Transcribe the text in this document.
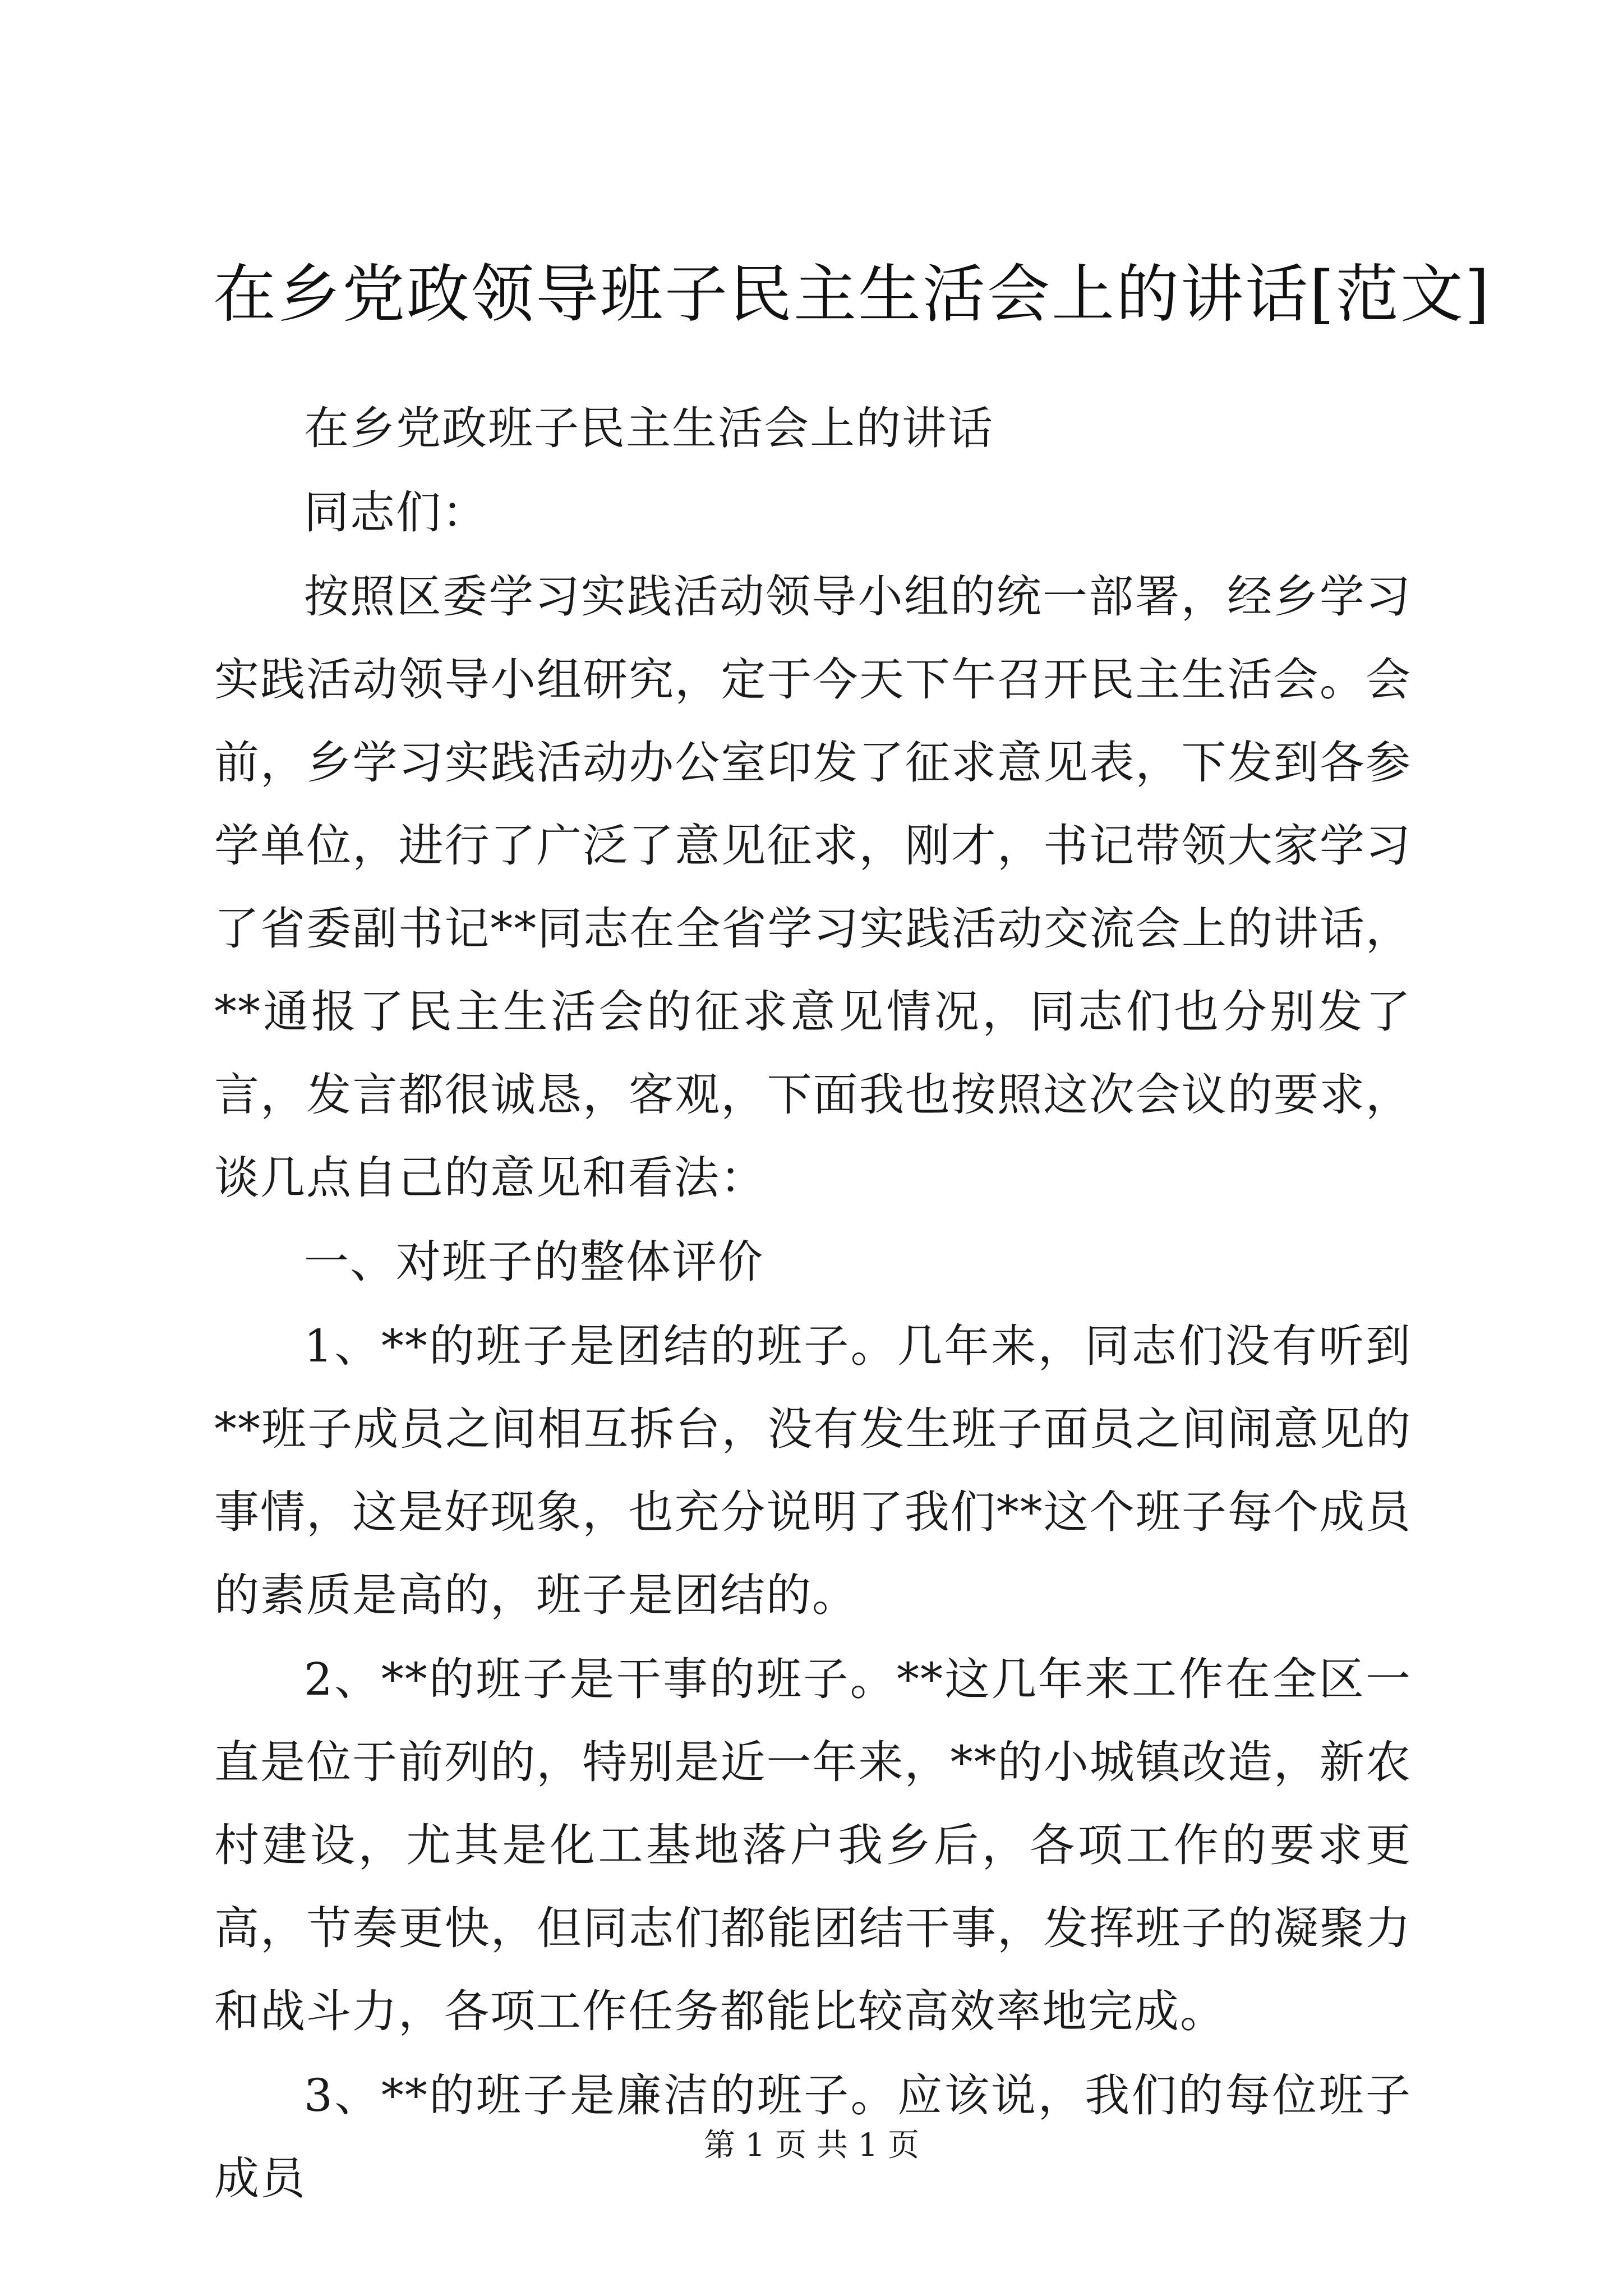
在乡党政领导班子民主生活会上的讲话[范文]

在乡党政班子民主生活会上的讲话

同志们：

按照区委学习实践活动领导小组的统一部署，经乡学习实践活动领导小组研究，定于今天下午召开民主生活会。会前，乡学习实践活动办公室印发了征求意见表，下发到各参学单位，进行了广泛了意见征求，刚才，书记带领大家学习了省委副书记**同志在全省学习实践活动交流会上的讲话，**通报了民主生活会的征求意见情况，同志们也分别发了言，发言都很诚恳，客观，下面我也按照这次会议的要求，谈几点自己的意见和看法：

一、对班子的整体评价

1、**的班子是团结的班子。几年来，同志们没有听到**班子成员之间相互拆台，没有发生班子面员之间闹意见的事情，这是好现象，也充分说明了我们**这个班子每个成员的素质是高的，班子是团结的。

2、**的班子是干事的班子。**这几年来工作在全区一直是位于前列的，特别是近一年来，**的小城镇改造，新农村建设，尤其是化工基地落户我乡后，各项工作的要求更高，节奏更快，但同志们都能团结干事，发挥班子的凝聚力和战斗力，各项工作任务都能比较高效率地完成。

3、**的班子是廉洁的班子。应该说，我们的每位班子成员

第 1 页 共 1 页
